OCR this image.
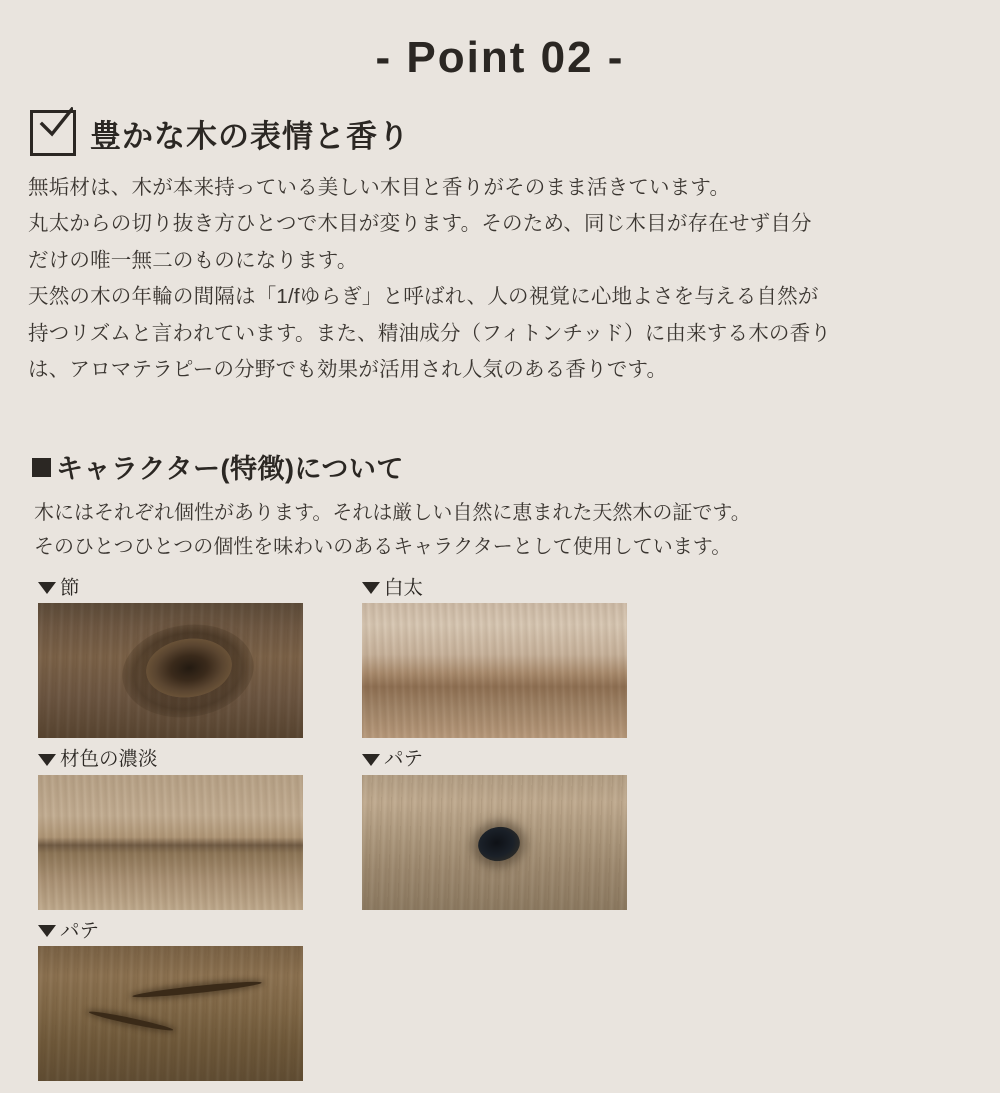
- Point 02 -
豊かな木の表情と香り

無垢材は、木が本来持っている美しい木目と香りがそのまま活きています。

丸太からの切り抜き方ひとつで木目が変ります。そのため、同じ木目が存在せず自分

だけの唯一無二のものになります。

天然の木の年輪の間隔は「1/fゆらぎ」と呼ばれ、人の視覚に心地よさを与える自然が

持つリズムと言われています。また、精油成分（フィトンチッド）に由来する木の香り

は、アロマテラピーの分野でも効果が活用され人気のある香りです。

キャラクター(特徴)について

木にはそれぞれ個性があります。それは厳しい自然に恵まれた天然木の証です。

そのひとつひとつの個性を味わいのあるキャラクターとして使用しています。

節	白太
材色の濃淡	パテ
パテ
